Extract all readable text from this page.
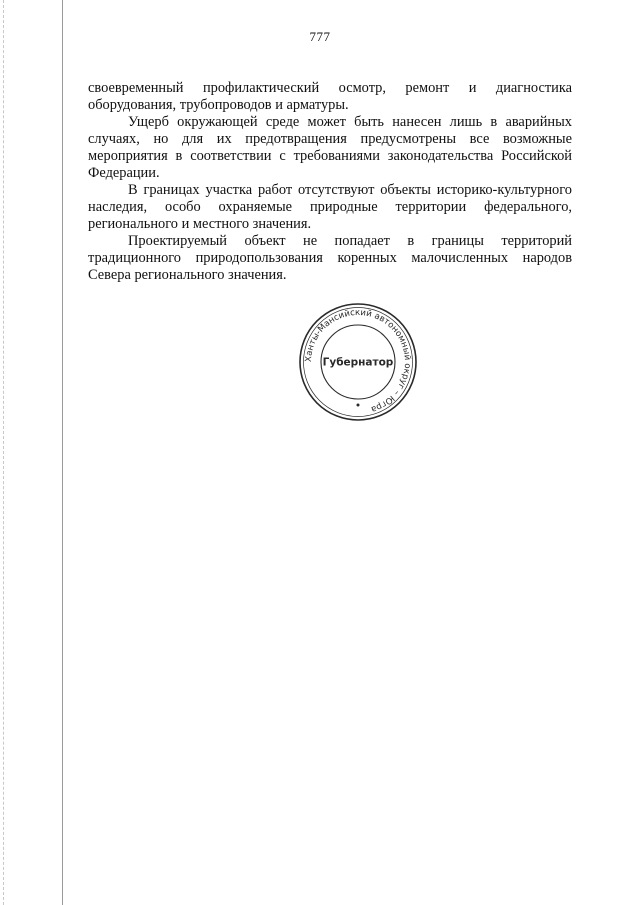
777

своевременный профилактический осмотр, ремонт и диагностика оборудования, трубопроводов и арматуры.

Ущерб окружающей среде может быть нанесен лишь в аварийных случаях, но для их предотвращения предусмотрены все возможные мероприятия в соответствии с требованиями законодательства Российской Федерации.

В границах участка работ отсутствуют объекты историко-культурного наследия, особо охраняемые природные территории федерального, регионального и местного значения.

Проектируемый объект не попадает в границы территорий традиционного природопользования коренных малочисленных народов Севера регионального значения.

Ханты-Мансийский автономный округ – Югра
Губернатор
